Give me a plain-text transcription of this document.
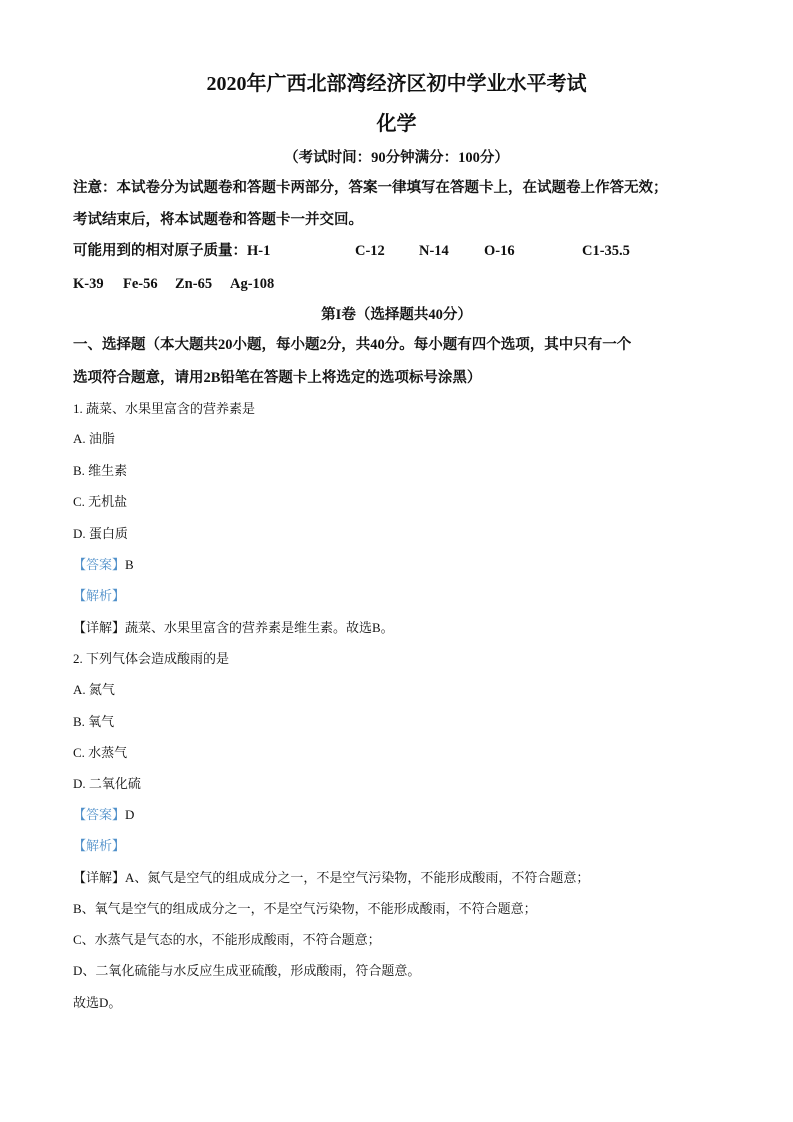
2020年广西北部湾经济区初中学业水平考试
化学
（考试时间：90分钟满分：100分）
注意：本试卷分为试题卷和答题卡两部分，答案一律填写在答题卡上，在试题卷上作答无效；
考试结束后，将本试题卷和答题卡一并交回。
可能用到的相对原子质量：H-1	C-12 N-14 O-16	C1-35.5
K-39 Fe-56 Zn-65 Ag-108
第I卷（选择题共40分）
一、选择题（本大题共20小题，每小题2分，共40分。每小题有四个选项，其中只有一个
选项符合题意，请用2B铅笔在答题卡上将选定的选项标号涂黑）
1. 蔬菜、水果里富含的营养素是
A. 油脂
B. 维生素
C. 无机盐
D. 蛋白质
【答案】B
【解析】
【详解】蔬菜、水果里富含的营养素是维生素。故选B。
2. 下列气体会造成酸雨的是
A. 氮气
B. 氧气
C. 水蒸气
D. 二氧化硫
【答案】D
【解析】
【详解】A、氮气是空气的组成成分之一，不是空气污染物，不能形成酸雨，不符合题意；
B、氧气是空气的组成成分之一，不是空气污染物，不能形成酸雨，不符合题意；
C、水蒸气是气态的水，不能形成酸雨，不符合题意；
D、二氧化硫能与水反应生成亚硫酸，形成酸雨，符合题意。
故选D。
